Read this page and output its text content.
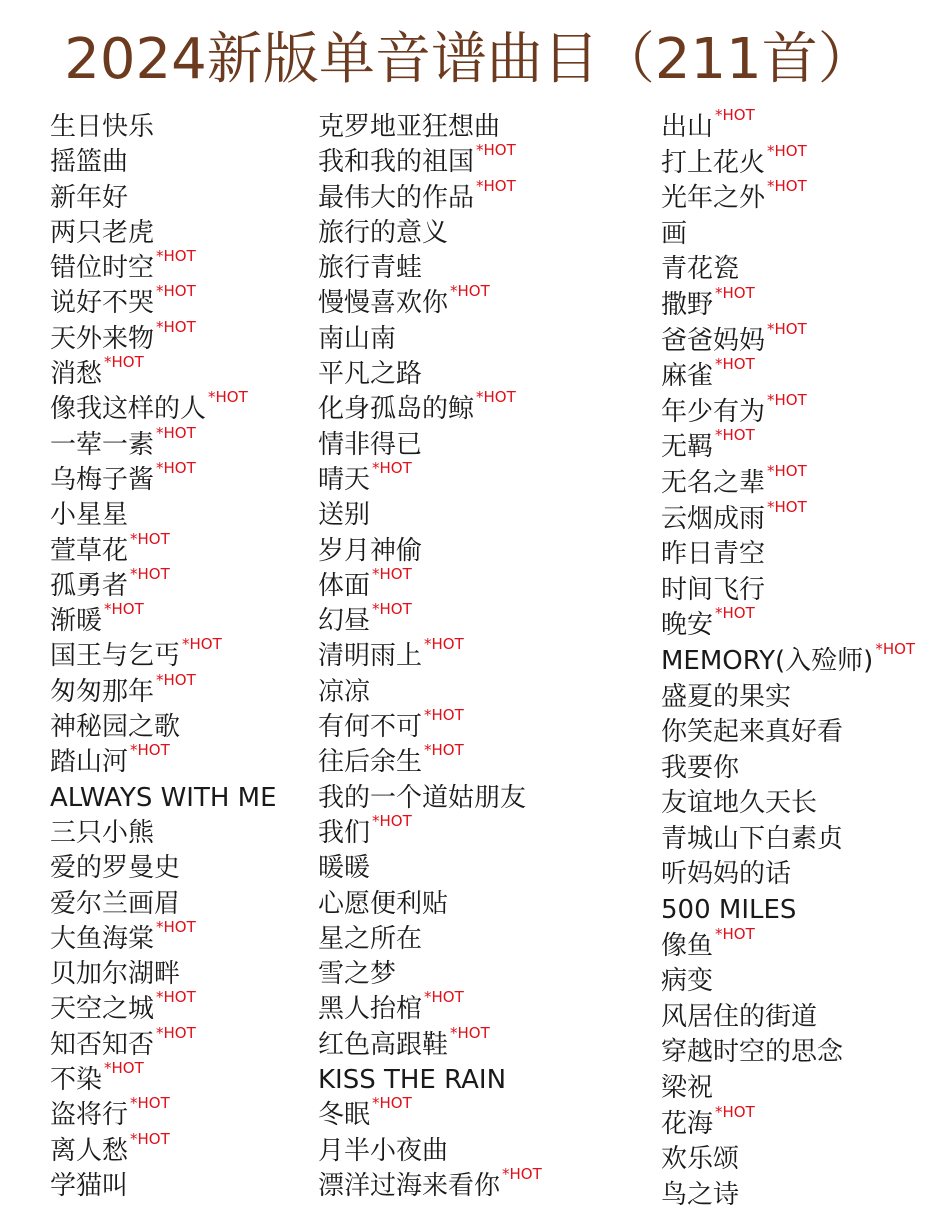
2024新版单音谱曲目（211首）
生日快乐
摇篮曲
新年好
两只老虎
错位时空 *HOT
说好不哭 *HOT
天外来物 *HOT
消愁 *HOT
像我这样的人 *HOT
一荤一素 *HOT
乌梅子酱 *HOT
小星星
萱草花 *HOT
孤勇者 *HOT
渐暖 *HOT
国王与乞丐 *HOT
匆匆那年 *HOT
神秘园之歌
踏山河 *HOT
ALWAYS WITH ME
三只小熊
爱的罗曼史
爱尔兰画眉
大鱼海棠 *HOT
贝加尔湖畔
天空之城 *HOT
知否知否 *HOT
不染 *HOT
盗将行 *HOT
离人愁 *HOT
学猫叫
克罗地亚狂想曲
我和我的祖国 *HOT
最伟大的作品 *HOT
旅行的意义
旅行青蛙
慢慢喜欢你 *HOT
南山南
平凡之路
化身孤岛的鲸 *HOT
情非得已
晴天 *HOT
送别
岁月神偷
体面 *HOT
幻昼 *HOT
清明雨上 *HOT
凉凉
有何不可 *HOT
往后余生 *HOT
我的一个道姑朋友
我们 *HOT
暖暖
心愿便利贴
星之所在
雪之梦
黑人抬棺 *HOT
红色高跟鞋 *HOT
KISS THE RAIN
冬眠 *HOT
月半小夜曲
漂洋过海来看你 *HOT
出山 *HOT
打上花火 *HOT
光年之外 *HOT
画
青花瓷
撒野 *HOT
爸爸妈妈 *HOT
麻雀 *HOT
年少有为 *HOT
无羁 *HOT
无名之辈 *HOT
云烟成雨 *HOT
昨日青空
时间飞行
晚安 *HOT
MEMORY(入殓师) *HOT
盛夏的果实
你笑起来真好看
我要你
友谊地久天长
青城山下白素贞
听妈妈的话
500 MILES
像鱼 *HOT
病变
风居住的街道
穿越时空的思念
梁祝
花海 *HOT
欢乐颂
鸟之诗
